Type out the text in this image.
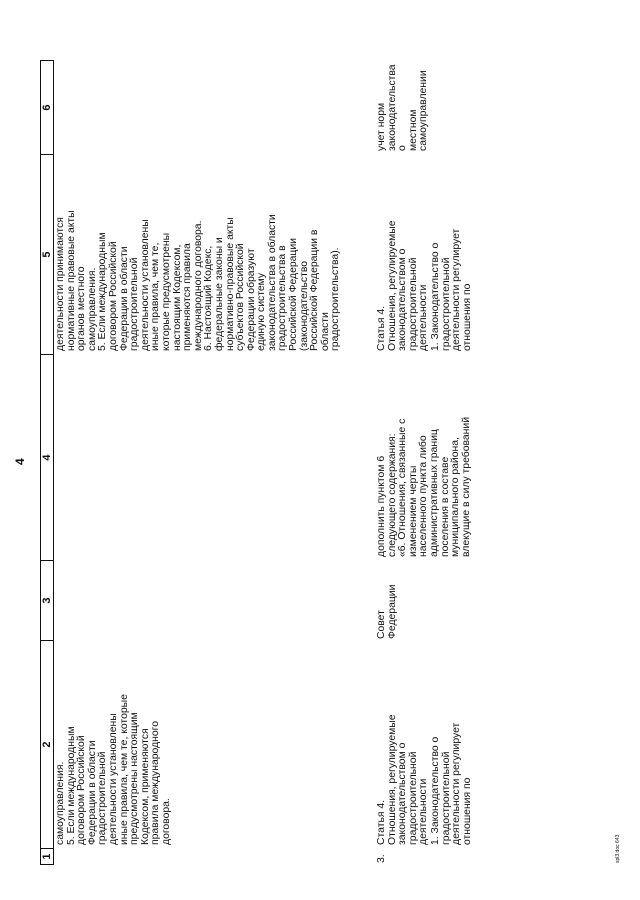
4
1
2
3
4
5
6
самоуправления.
5. Если международным
договором Российской
Федерации в области
градостроительной
деятельности установлены
иные правила, чем те, которые
предусмотрены настоящим
Кодексом, применяются
правила международного
договора.
деятельности принимаются
нормативные правовые акты
органов местного
самоуправления.
5. Если международным
договором Российской
Федерации в области
градостроительной
деятельности установлены
иные правила, чем те,
которые предусмотрены
настоящим Кодексом,
применяются правила
международного договора.
6. Настоящий Кодекс,
федеральные законы и
нормативно-правовые акты
субъектов Российской
Федерации образуют
единую систему
законодательства в области
градостроительства в
Российской Федерации
(законодательство
Российской Федерации в
области
градостроительства).
3.
Статья 4.
Отношения, регулируемые
законодательством о
градостроительной
деятельности 1. Законодательство о
градостроительной
деятельности регулирует
отношения по
Совет
Федерации
дополнить пунктом 6
следующего содержания:
«6. Отношения, связанные с
изменением черты
населенного пункта либо
административных границ
поселения в составе
муниципального района,
влекущие в силу требований
Статья 4.
Отношения, регулируемые
законодательством о
градостроительной
деятельности 1. Законодательство о
градостроительной
деятельности регулирует
отношения по
учет норм
законодательства о
местном самоуправлении
spl3.doc 643
